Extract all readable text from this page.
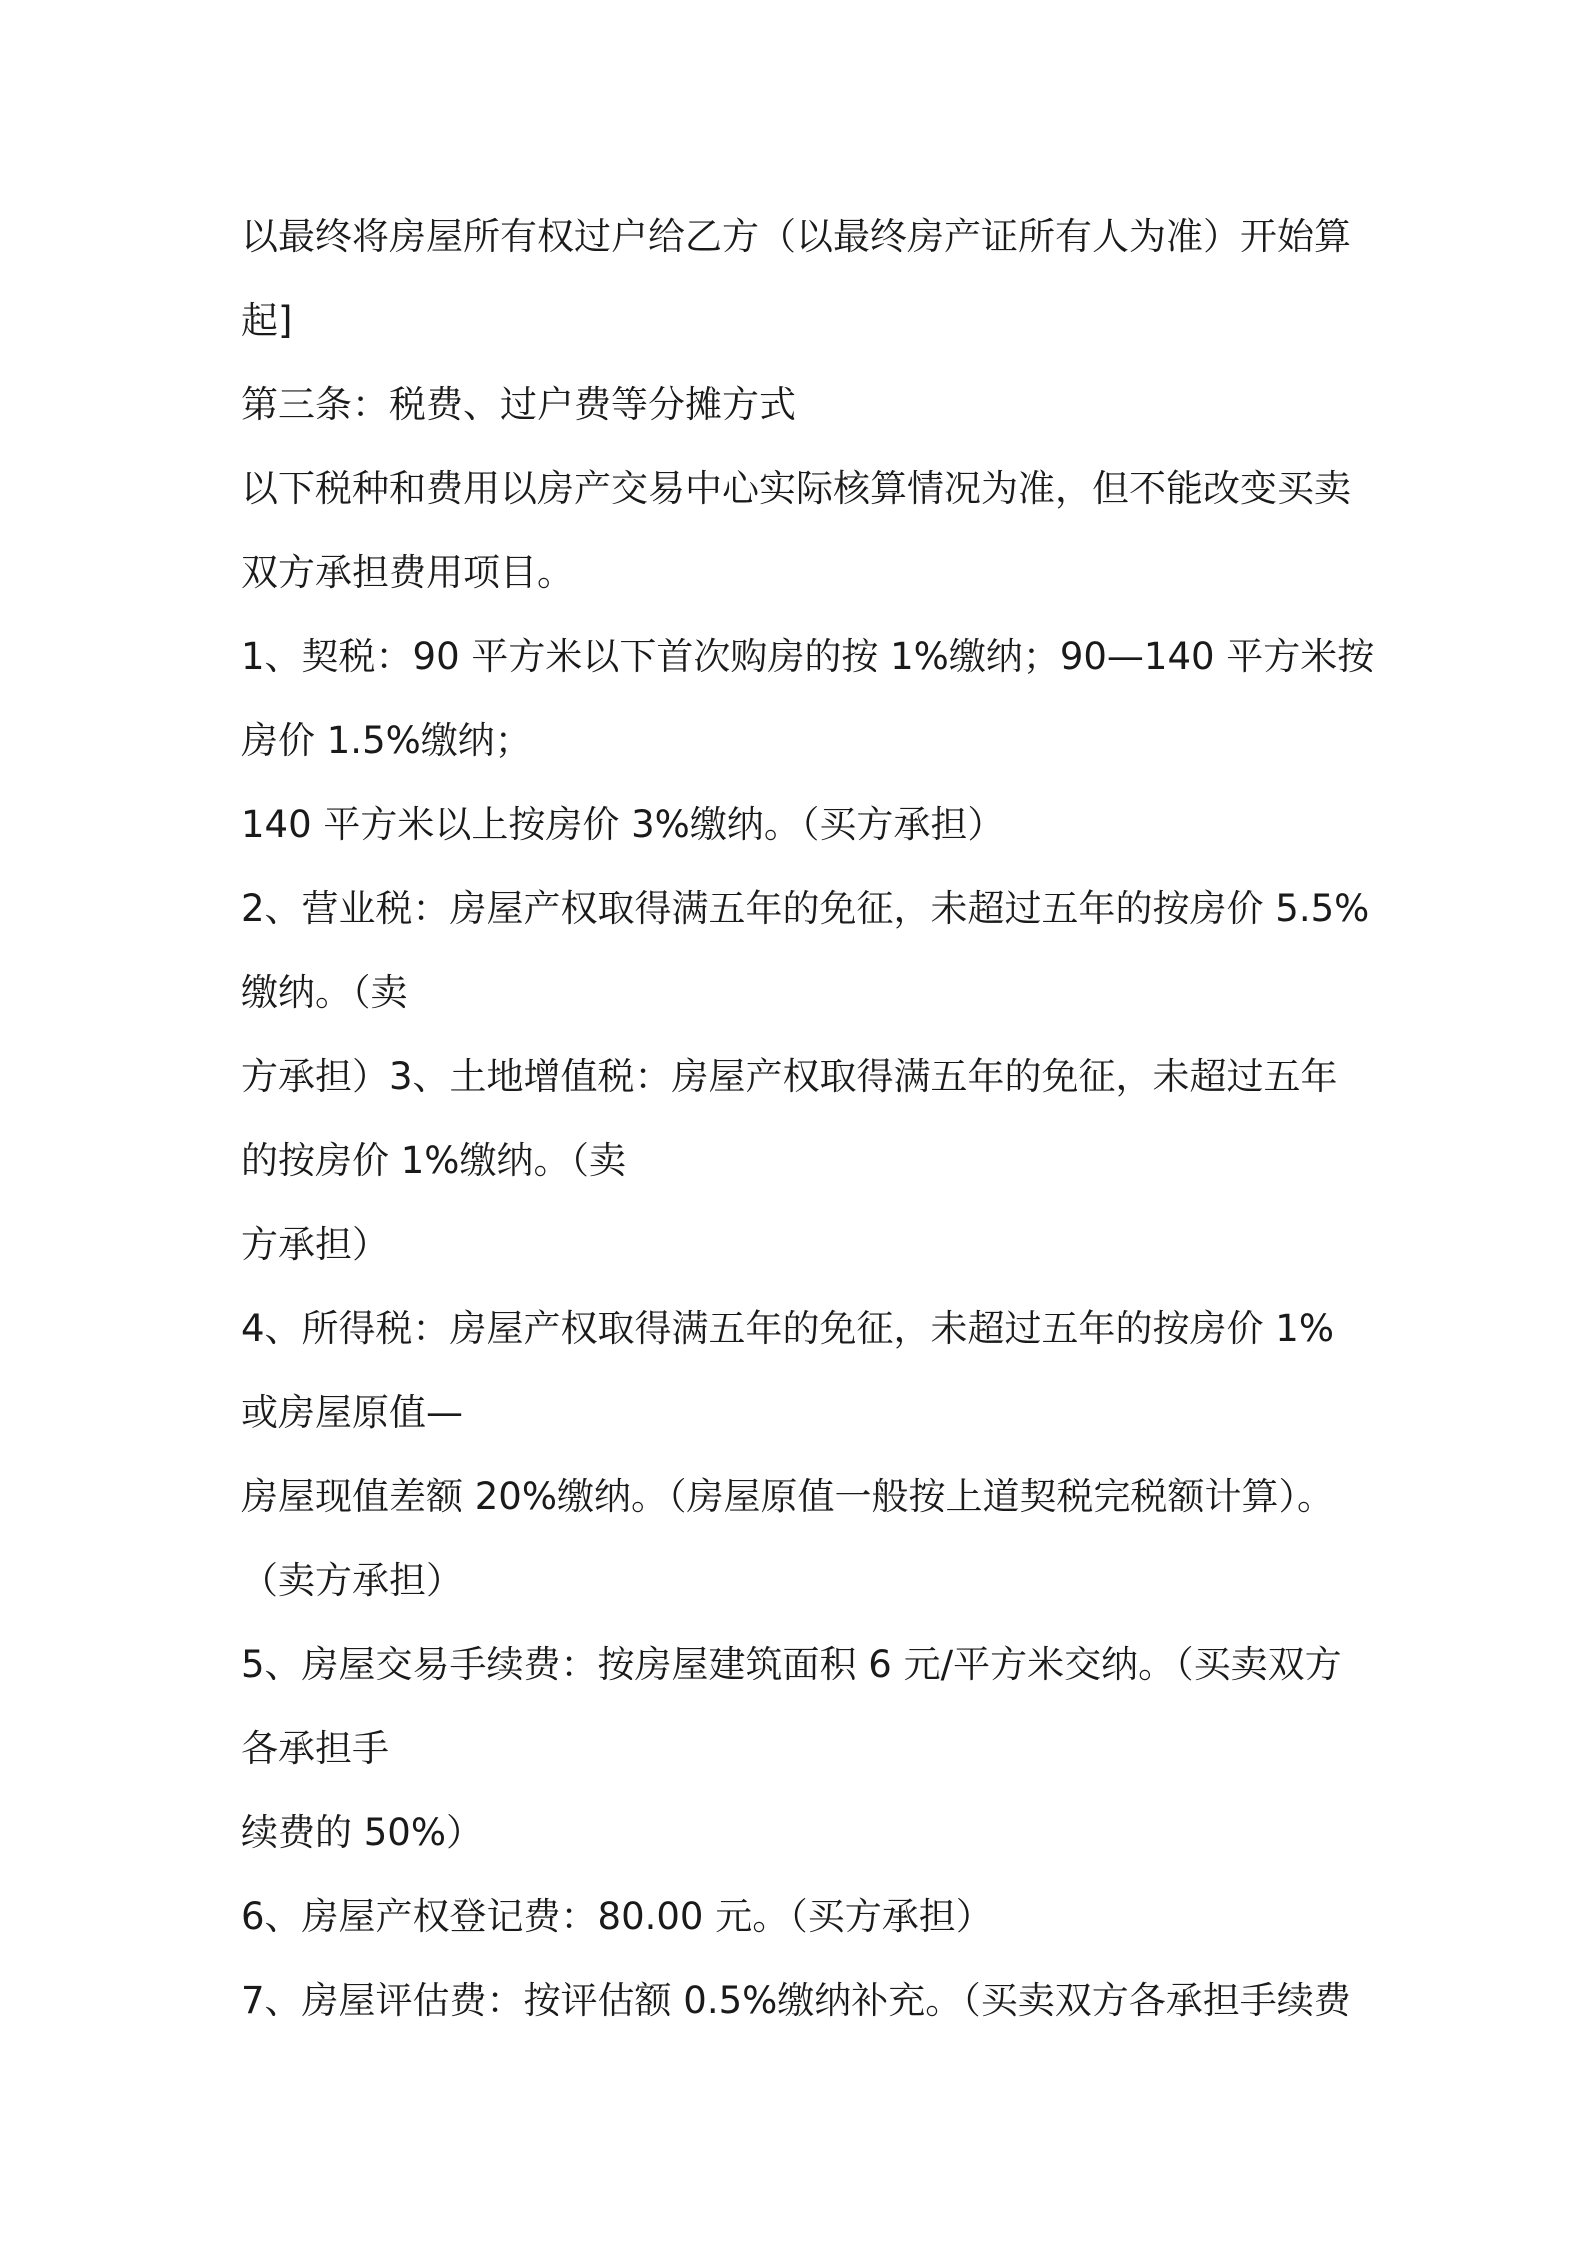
以最终将房屋所有权过户给乙方（以最终房产证所有人为准）开始算
起]
第三条：税费、过户费等分摊方式
以下税种和费用以房产交易中心实际核算情况为准，但不能改变买卖
双方承担费用项目。
1、契税：90 平方米以下首次购房的按 1%缴纳；90—140 平方米按
房价 1.5%缴纳；
140 平方米以上按房价 3%缴纳。（买方承担）
2、营业税：房屋产权取得满五年的免征，未超过五年的按房价 5.5%
缴纳。（卖
方承担）3、土地增值税：房屋产权取得满五年的免征，未超过五年
的按房价 1%缴纳。（卖
方承担）
4、所得税：房屋产权取得满五年的免征，未超过五年的按房价 1%
或房屋原值—
房屋现值差额 20%缴纳。（房屋原值一般按上道契税完税额计算）。
（卖方承担）
5、房屋交易手续费：按房屋建筑面积 6 元/平方米交纳。（买卖双方
各承担手
续费的 50%）
6、房屋产权登记费：80.00 元。（买方承担）
7、房屋评估费：按评估额 0.5%缴纳补充。（买卖双方各承担手续费
